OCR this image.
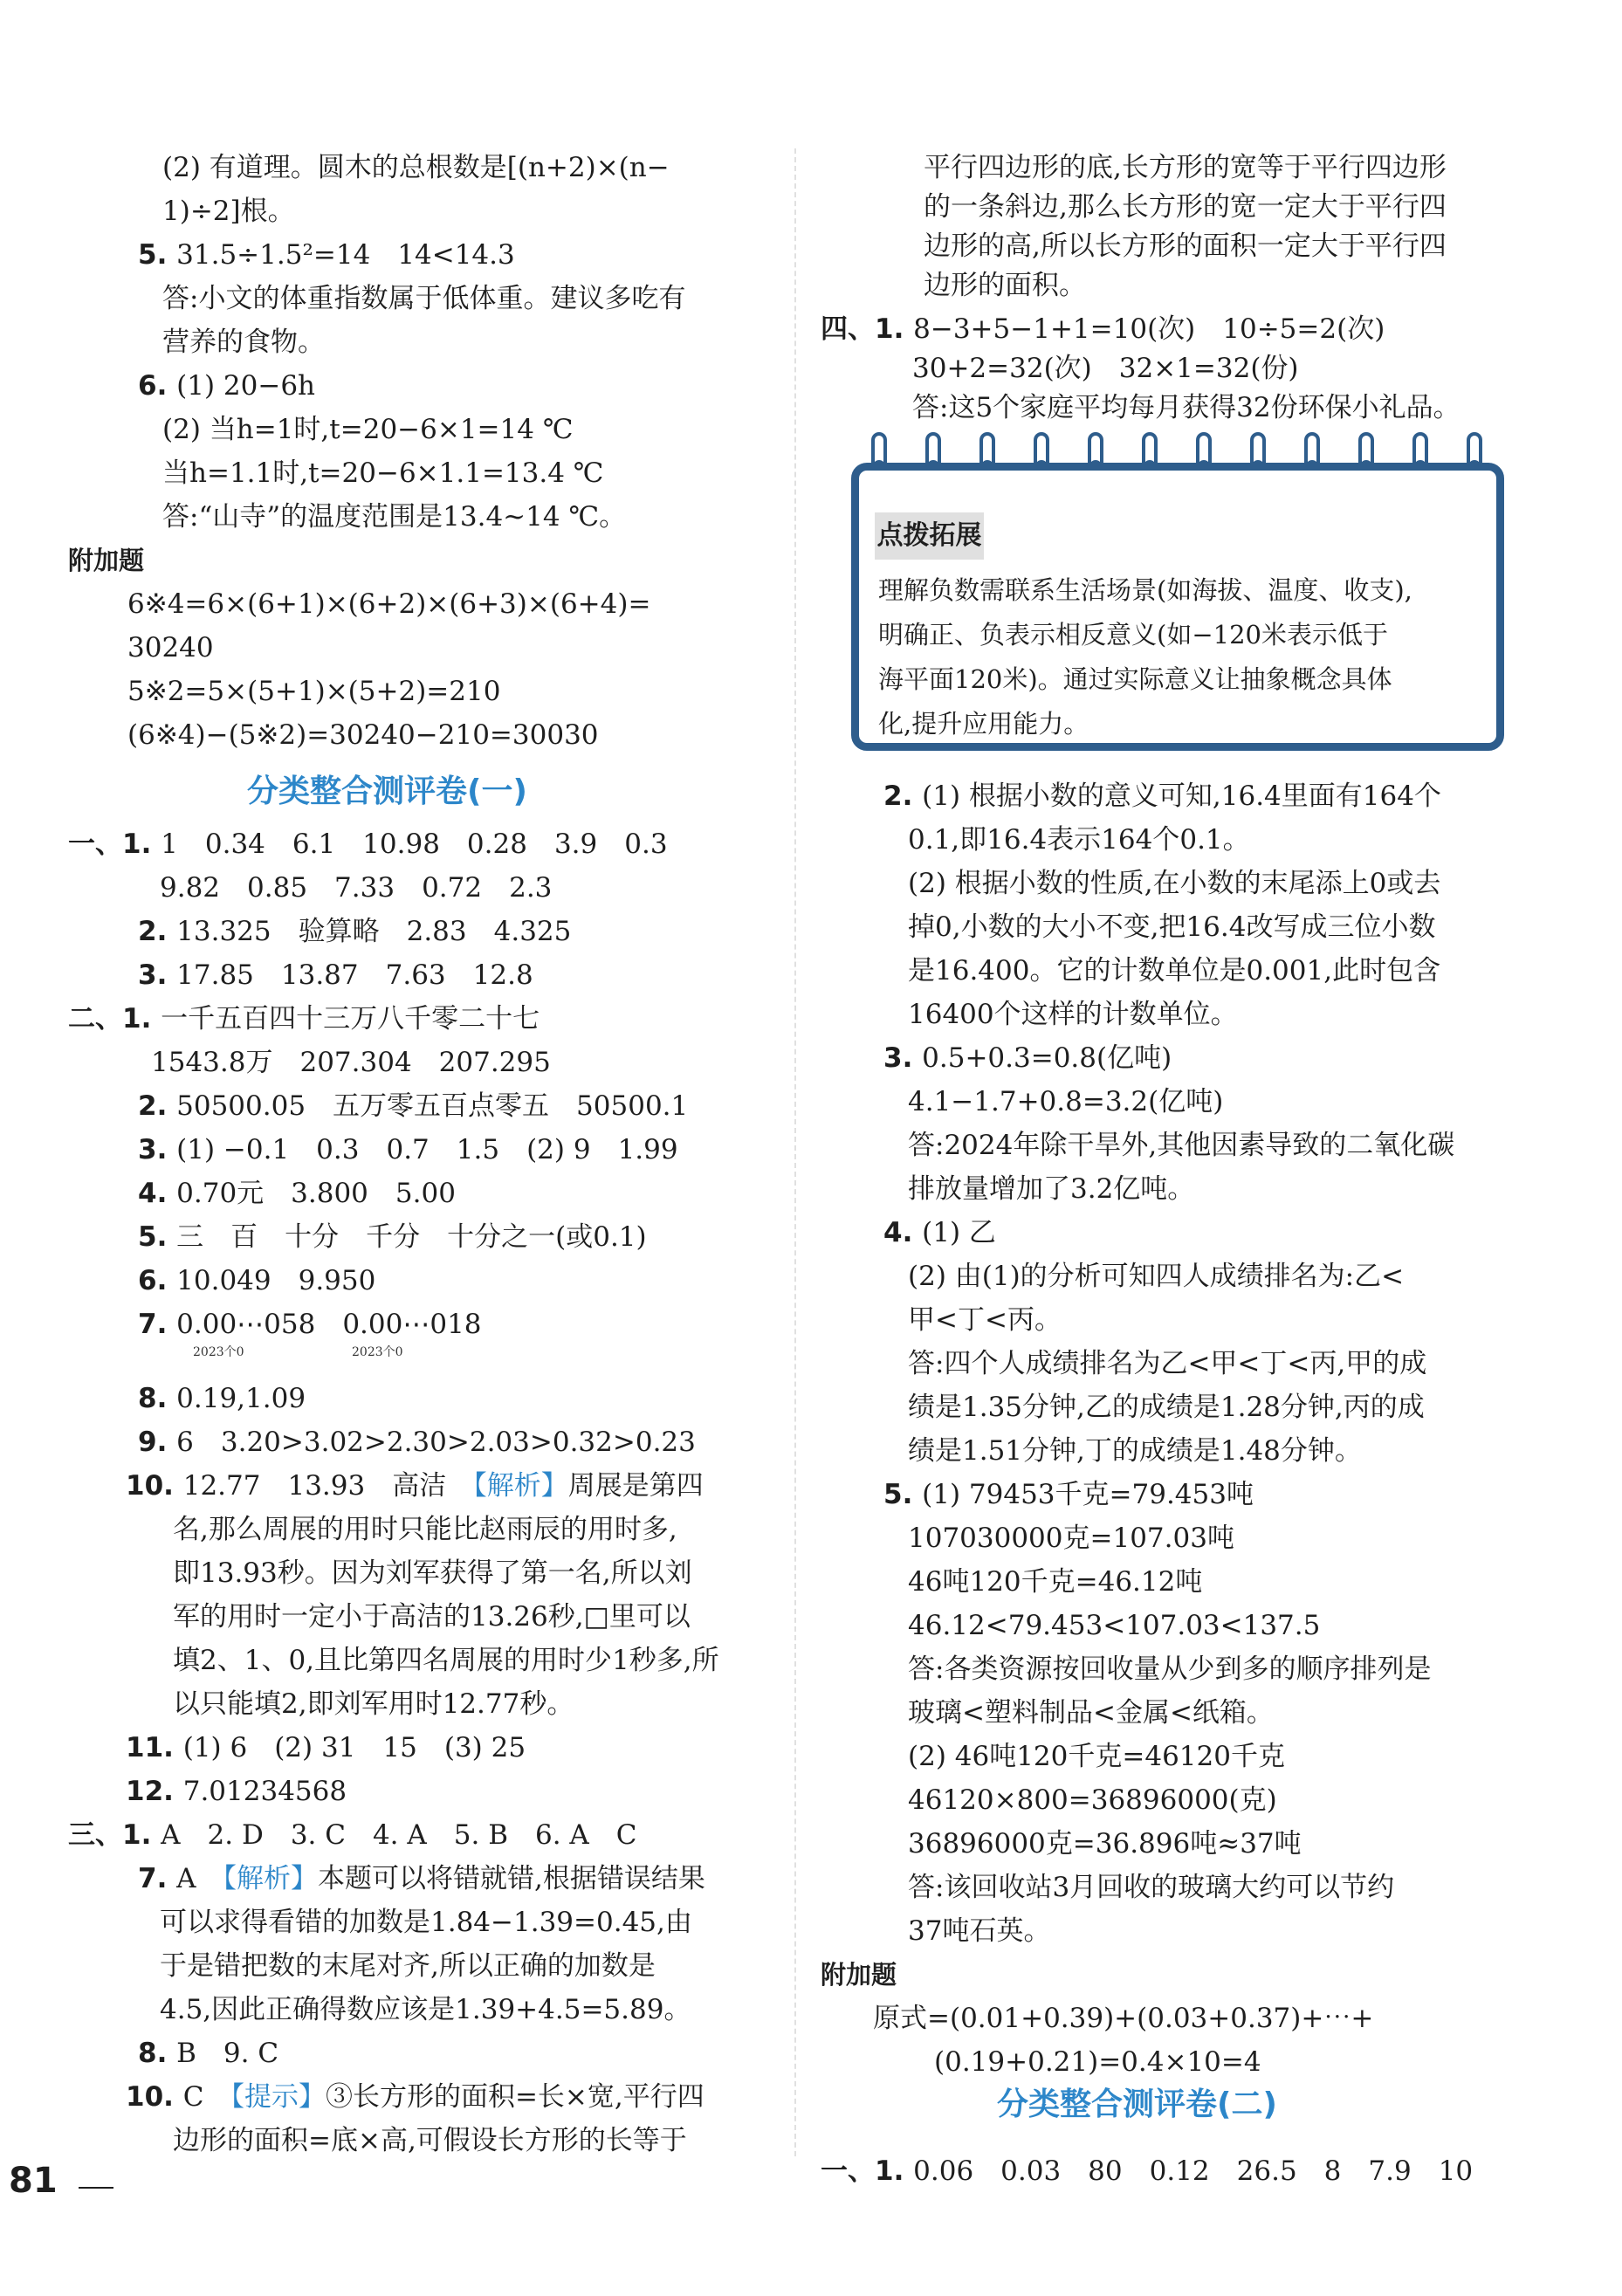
附加题
分类整合测评卷(一)
2023个0	2023个0
(2) 有道理。圆木的总根数是[(n+2)×(n−
1)÷2]根。
5. 31.5÷1.5²=14　14<14.3
答:小文的体重指数属于低体重。建议多吃有
营养的食物。
6. (1) 20−6h
(2) 当h=1时,t=20−6×1=14 ℃
当h=1.1时,t=20−6×1.1=13.4 ℃
答:“山寺”的温度范围是13.4~14 ℃。
6※4=6×(6+1)×(6+2)×(6+3)×(6+4)=
30240
5※2=5×(5+1)×(5+2)=210
(6※4)−(5※2)=30240−210=30030
一、1. 1　0.34　6.1　10.98　0.28　3.9　0.3
9.82　0.85　7.33　0.72　2.3
2. 13.325　验算略　2.83　4.325
3. 17.85　13.87　7.63　12.8
二、1. 一千五百四十三万八千零二十七
1543.8万　207.304　207.295
2. 50500.05　五万零五百点零五　50500.1
3. (1) −0.1　0.3　0.7　1.5　(2) 9　1.99
4. 0.70元　3.800　5.00
5. 三　百　十分　千分　十分之一(或0.1)
6. 10.049　9.950
7. 0.00⋯058　0.00⋯018
8. 0.19,1.09
9. 6　3.20>3.02>2.30>2.03>0.32>0.23
10. 12.77　13.93　高洁　【解析】周展是第四
名,那么周展的用时只能比赵雨辰的用时多,
即13.93秒。因为刘军获得了第一名,所以刘
军的用时一定小于高洁的13.26秒,□里可以
填2、1、0,且比第四名周展的用时少1秒多,所
以只能填2,即刘军用时12.77秒。
11. (1) 6　(2) 31　15　(3) 25
12. 7.01234568
三、1. A　2. D　3. C　4. A　5. B　6. A　C
7. A　【解析】本题可以将错就错,根据错误结果
可以求得看错的加数是1.84−1.39=0.45,由
于是错把数的末尾对齐,所以正确的加数是
4.5,因此正确得数应该是1.39+4.5=5.89。
8. B　9. C
10. C　【提示】③长方形的面积=长×宽,平行四
边形的面积=底×高,可假设长方形的长等于
附加题
分类整合测评卷(二)
平行四边形的底,长方形的宽等于平行四边形
的一条斜边,那么长方形的宽一定大于平行四
边形的高,所以长方形的面积一定大于平行四
边形的面积。
四、1. 8−3+5−1+1=10(次)　10÷5=2(次)
30+2=32(次)　32×1=32(份)
答:这5个家庭平均每月获得32份环保小礼品。
2. (1) 根据小数的意义可知,16.4里面有164个
0.1,即16.4表示164个0.1。
(2) 根据小数的性质,在小数的末尾添上0或去
掉0,小数的大小不变,把16.4改写成三位小数
是16.400。它的计数单位是0.001,此时包含
16400个这样的计数单位。
3. 0.5+0.3=0.8(亿吨)
4.1−1.7+0.8=3.2(亿吨)
答:2024年除干旱外,其他因素导致的二氧化碳
排放量增加了3.2亿吨。
4. (1) 乙
(2) 由(1)的分析可知四人成绩排名为:乙<
甲<丁<丙。
答:四个人成绩排名为乙<甲<丁<丙,甲的成
绩是1.35分钟,乙的成绩是1.28分钟,丙的成
绩是1.51分钟,丁的成绩是1.48分钟。
5. (1) 79453千克=79.453吨
107030000克=107.03吨
46吨120千克=46.12吨
46.12<79.453<107.03<137.5
答:各类资源按回收量从少到多的顺序排列是
玻璃<塑料制品<金属<纸箱。
(2) 46吨120千克=46120千克
46120×800=36896000(克)
36896000克=36.896吨≈37吨
答:该回收站3月回收的玻璃大约可以节约
37吨石英。
原式=(0.01+0.39)+(0.03+0.37)+⋯+
(0.19+0.21)=0.4×10=4
一、1. 0.06　0.03　80　0.12　26.5　8　7.9　10
点拨拓展
理解负数需联系生活场景(如海拔、温度、收支),
明确正、负表示相反意义(如−120米表示低于
海平面120米)。通过实际意义让抽象概念具体
化,提升应用能力。
81
